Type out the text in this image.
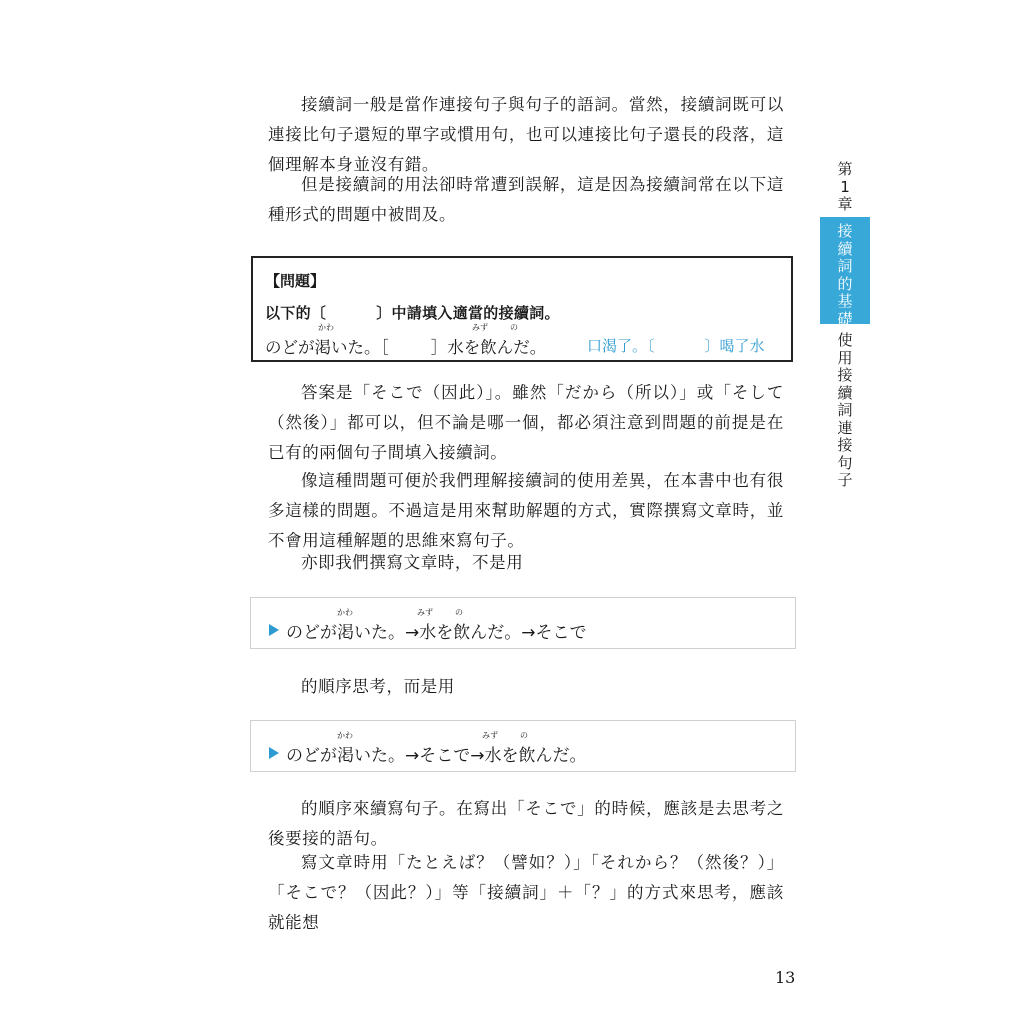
接續詞一般是當作連接句子與句子的語詞。當然，接續詞既可以連接比句子還短的單字或慣用句，也可以連接比句子還長的段落，這個理解本身並沒有錯。

但是接續詞的用法卻時常遭到誤解，這是因為接續詞常在以下這種形式的問題中被問及。

【問題】
以下的〔	〕中請填入適當的接續詞。
のどが渇いた。［	］水を飲んだ。
かわ	みず	の
口渴了。〔	〕喝了水

答案是「そこで（因此）」。雖然「だから（所以）」或「そして（然後）」都可以，但不論是哪一個，都必須注意到問題的前提是在已有的兩個句子間填入接續詞。

像這種問題可便於我們理解接續詞的使用差異，在本書中也有很多這樣的問題。不過這是用來幫助解題的方式，實際撰寫文章時，並不會用這種解題的思維來寫句子。

亦即我們撰寫文章時，不是用

かわ	みず	の
のどが渇いた。→水を飲んだ。→そこで

的順序思考，而是用

かわ	みず	の
のどが渇いた。→そこで→水を飲んだ。

的順序來續寫句子。在寫出「そこで」的時候，應該是去思考之後要接的語句。

寫文章時用「たとえば？（譬如？）」「それから？（然後？）」「そこで？（因此？）」等「接續詞」＋「？」的方式來思考，應該就能想

第
1
章
接
續
詞
的
基
礎
使
用
接
續
詞
連
接
句
子
13
